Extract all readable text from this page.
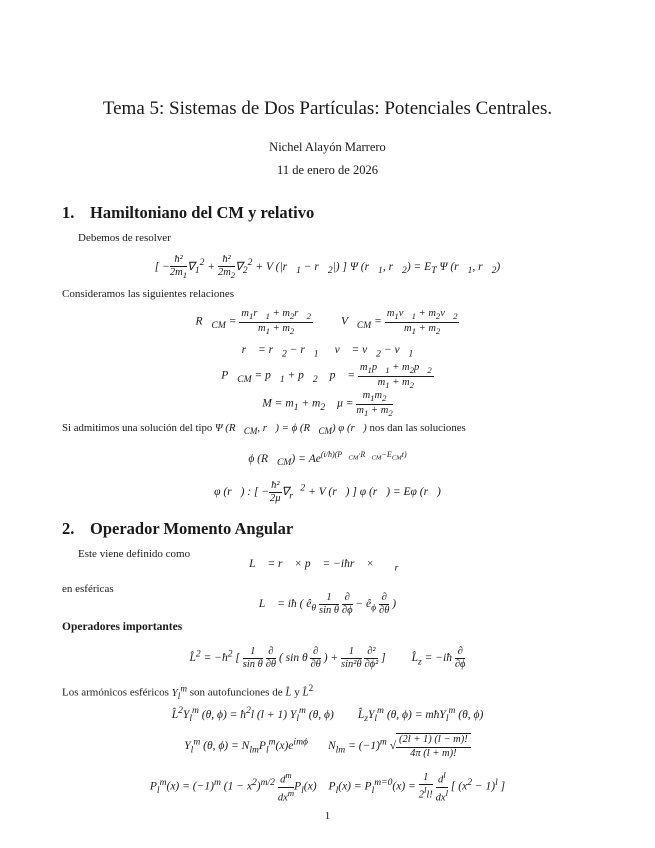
Tema 5: Sistemas de Dos Partículas: Potenciales Centrales.
Nichel Alayón Marrero
11 de enero de 2026
1. Hamiltoniano del CM y relativo
Debemos de resolver
[ − $\frac{\text{ħ²}}{2m_1} \nabla_1^2 + \frac{\text{ħ²}}{2m_2} \nabla_2^2 + V$ ($|r⃗_1$ − $r⃗_2|$) ] Ψ ($r⃗_1$, $r⃗_2) = E_T$ Ψ ($r⃗_1$, $r⃗_2$)
Consideramos las siguientes relaciones
$R⃗_{CM} = \frac{m_1r⃗_1 + m_2r⃗_2}{m_1 + m_2}$ $V⃗_{CM} = \frac{m_1v⃗_1 + m_2v⃗_2}{m_1 + m_2}$
r⃗ = $r⃗_2$ − $r⃗_1$ v⃗ = $v⃗_2$ − $v⃗_1$
$P⃗_{CM}$ = $p⃗_1$ + $p⃗_2$ p⃗ = $\frac{m_1p⃗_1 + m_2p⃗_2}{m_1 + m_2}$
$M = m_1 + m_2$ $\mu = \frac{m_1m_2}{m_1 + m_2}$
Si admitimos una solución del tipo Ψ ($R⃗_{CM}$, r⃗) = ϕ $(R⃗_{CM})$ φ (r⃗) nos dan las soluciones
ϕ $(R⃗_{CM}) = Ae^{(i/ħ)(P⃗_{CM}\cdot R⃗_{CM}-E_{CM}t)}$
φ (r⃗) : [ − $\frac{\text{ħ²}}{2\mu} \nabla_{r⃗}^2 + V$ (r⃗) ] φ (r⃗) = Eφ (r⃗)
2. Operador Momento Angular
Este viene definido como
L⃗ = r⃗ × p⃗ = −iħr⃗ × $\nabla⃗_{r⃗}$
en esféricas
L⃗ = iħ ( $ê_\theta \frac{1}{\text{sin θ}}$
∂
∂ϕ
− $ê_\phi$
∂
∂θ
)
Operadores importantes
L̂$^2$ = $-ħ^2$ [ $\frac{1}{\text{sin θ}}$
∂
∂θ
( sin θ
∂
∂θ
) + $\frac{1}{\text{sin²θ}}$
∂²
∂ϕ²
] $L̂_z$ = −iħ
∂
∂ϕ
Los armónicos esféricos $Y_l^m$ son autofunciones de L̂ y L̂$^2$
$L̂^2Y_l^m$ (θ, $\phi) = ħ^2l$ (l + 1) $Y_l^m$ (θ, ϕ) $L̂_zY_l^m$ (θ, ϕ) = mħY$_l^m$ (θ, ϕ)
$Y_l^m$ (θ, $\phi) = N_{lm}P_l^m(x)e^{im\phi}$ $N_{lm} = (-1)^m$ √ $\frac{(2l + 1) (l - m)!}{4\pi (l + m)!}$
$P_l^m(x) = (-1)^m$ $(1 - x^2)^{m/2}$ $d^m$
$dx^m$ $P_l(x) P_l(x) = P_l^{m=0}(x) = \frac{1}{2^ll!}$
$d^l$
$dx^l$ [ $(x^2 - 1)^l$ ]
1
